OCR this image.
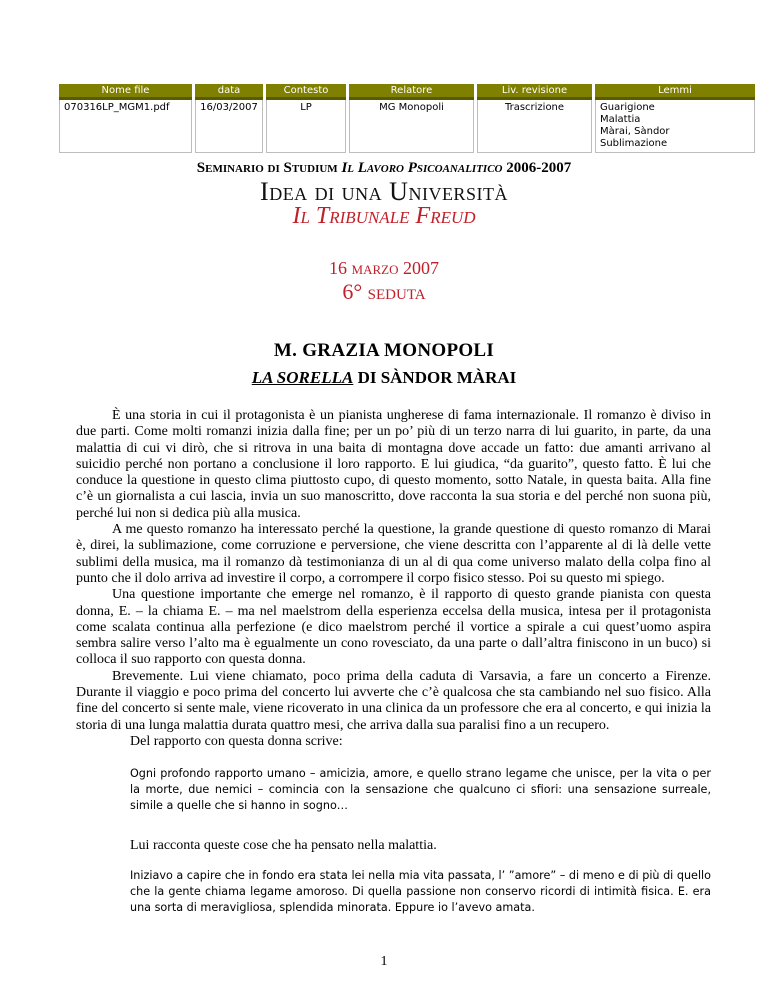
Nome file	data	Contesto	Relatore	Liv. revisione	Lemmi
070316LP_MGM1.pdf	16/03/2007	LP	MG Monopoli	Trascrizione	Guarigione
Malattia
Màrai, Sàndor
Sublimazione
Seminario di Studium Il Lavoro Psicoanalitico 2006-2007
Idea di una Università
Il Tribunale Freud
16 marzo 2007
6° seduta
M. GRAZIA MONOPOLI
LA SORELLA DI SÀNDOR MÀRAI

È una storia in cui il protagonista è un pianista ungherese di fama internazionale. Il romanzo è diviso in due parti. Come molti romanzi inizia dalla fine; per un po’ più di un terzo narra di lui guarito, in parte, da una malattia di cui vi dirò, che si ritrova in una baita di montagna dove accade un fatto: due amanti arrivano al suicidio perché non portano a conclusione il loro rapporto. E lui giudica, “da guarito”, questo fatto. È lui che conduce la questione in questo clima piuttosto cupo, di questo momento, sotto Natale, in questa baita. Alla fine c’è un giornalista a cui lascia, invia un suo manoscritto, dove racconta la sua storia e del perché non suona più, perché lui non si dedica più alla musica.

A me questo romanzo ha interessato perché la questione, la grande questione di questo romanzo di Marai è, direi, la sublimazione, come corruzione e perversione, che viene descritta con l’apparente al di là delle vette sublimi della musica, ma il romanzo dà testimonianza di un al di qua come universo malato della colpa fino al punto che il dolo arriva ad investire il corpo, a corrompere il corpo fisico stesso. Poi su questo mi spiego.

Una questione importante che emerge nel romanzo, è il rapporto di questo grande pianista con questa donna, E. – la chiama E. – ma nel maelstrom della esperienza eccelsa della musica, intesa per il protagonista come scalata continua alla perfezione (e dico maelstrom perché il vortice a spirale a cui quest’uomo aspira sembra salire verso l’alto ma è egualmente un cono rovesciato, da una parte o dall’altra finiscono in un buco) si colloca il suo rapporto con questa donna.

Brevemente. Lui viene chiamato, poco prima della caduta di Varsavia, a fare un concerto a Firenze. Durante il viaggio e poco prima del concerto lui avverte che c’è qualcosa che sta cambiando nel suo fisico. Alla fine del concerto si sente male, viene ricoverato in una clinica da un professore che era al concerto, e qui inizia la storia di una lunga malattia durata quattro mesi, che arriva dalla sua paralisi fino a un recupero.

Del rapporto con questa donna scrive:
Ogni profondo rapporto umano – amicizia, amore, e quello strano legame che unisce, per la vita o per la morte, due nemici – comincia con la sensazione che qualcuno ci sfiori: una sensazione surreale, simile a quelle che si hanno in sogno…
Lui racconta queste cose che ha pensato nella malattia.
Iniziavo a capire che in fondo era stata lei nella mia vita passata, l’ ”amore” – di meno e di più di quello che la gente chiama legame amoroso. Di quella passione non conservo ricordi di intimità fisica. E. era una sorta di meravigliosa, splendida minorata. Eppure io l’avevo amata.
1
